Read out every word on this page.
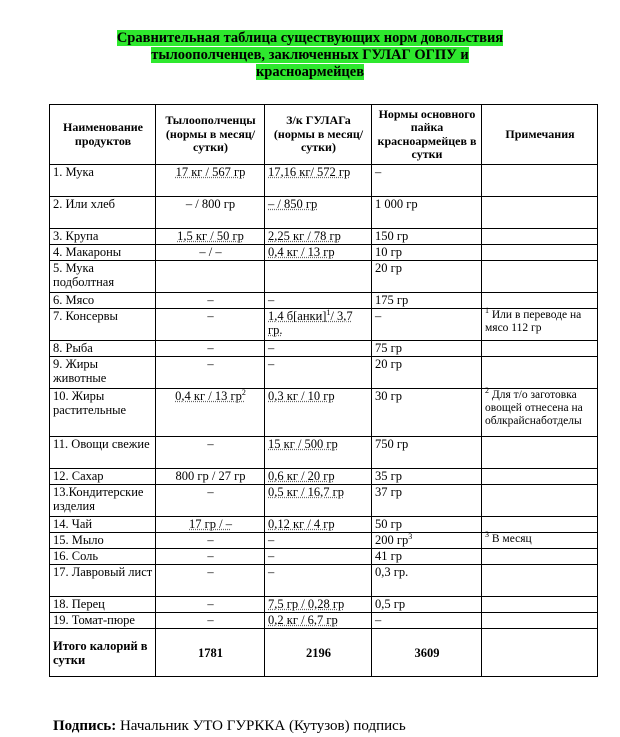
Сравнительная таблица существующих норм довольствия
тылоополченцев, заключенных ГУЛАГ ОГПУ и
красноармейцев
Наименование продуктов	Тылоополченцы (нормы в месяц/ сутки)	З/к ГУЛАГа (нормы в месяц/ сутки)	Нормы основного пайка красноармейцев в сутки	Примечания
1. Мука	17 кг / 567 гр	17,16 кг/ 572 гр	–	
2. Или хлеб	– / 800 гр	– / 850 гр	1 000 гр	
3. Крупа	1,5 кг / 50 гр	2,25 кг / 78 гр	150 гр	
4. Макароны	– / –	0,4 кг / 13 гр	10 гр	
5. Мука подболтная			20 гр	
6. Мясо	–	–	175 гр	
7. Консервы	–	1,4 б[анки]$^1$/ 3,7 гр.	–	$^1$ Или в переводе на мясо 112 гр
8. Рыба	–	–	75 гр	
9. Жиры животные	–	–	20 гр	
10. Жиры растительные	0,4 кг / 13 $гр^2$	0,3 кг / 10 гр	30 гр	$^2$ Для т/о заготовка овощей отнесена на облкрайснаботделы
11. Овощи свежие	–	15 кг / 500 гр	750 гр	
12. Сахар	800 гр / 27 гр	0,6 кг / 20 гр	35 гр	
13.Кондитерские изделия	–	0,5 кг / 16,7 гр	37 гр	
14. Чай	17 гр / –	0,12 кг / 4 гр	50 гр	
15. Мыло	–	–	200 $гр^3$	$^3$ В месяц
16. Соль	–	–	41 гр	
17. Лавровый лист	–	–	0,3 гр.	
18. Перец	–	7,5 гр / 0,28 гр	0,5 гр	
19. Томат-пюре	–	0,2 кг / 6,7 гр	–	
Итого калорий в сутки	1781	2196	3609	
Подпись: Начальник УТО ГУРККА (Кутузов) подпись
